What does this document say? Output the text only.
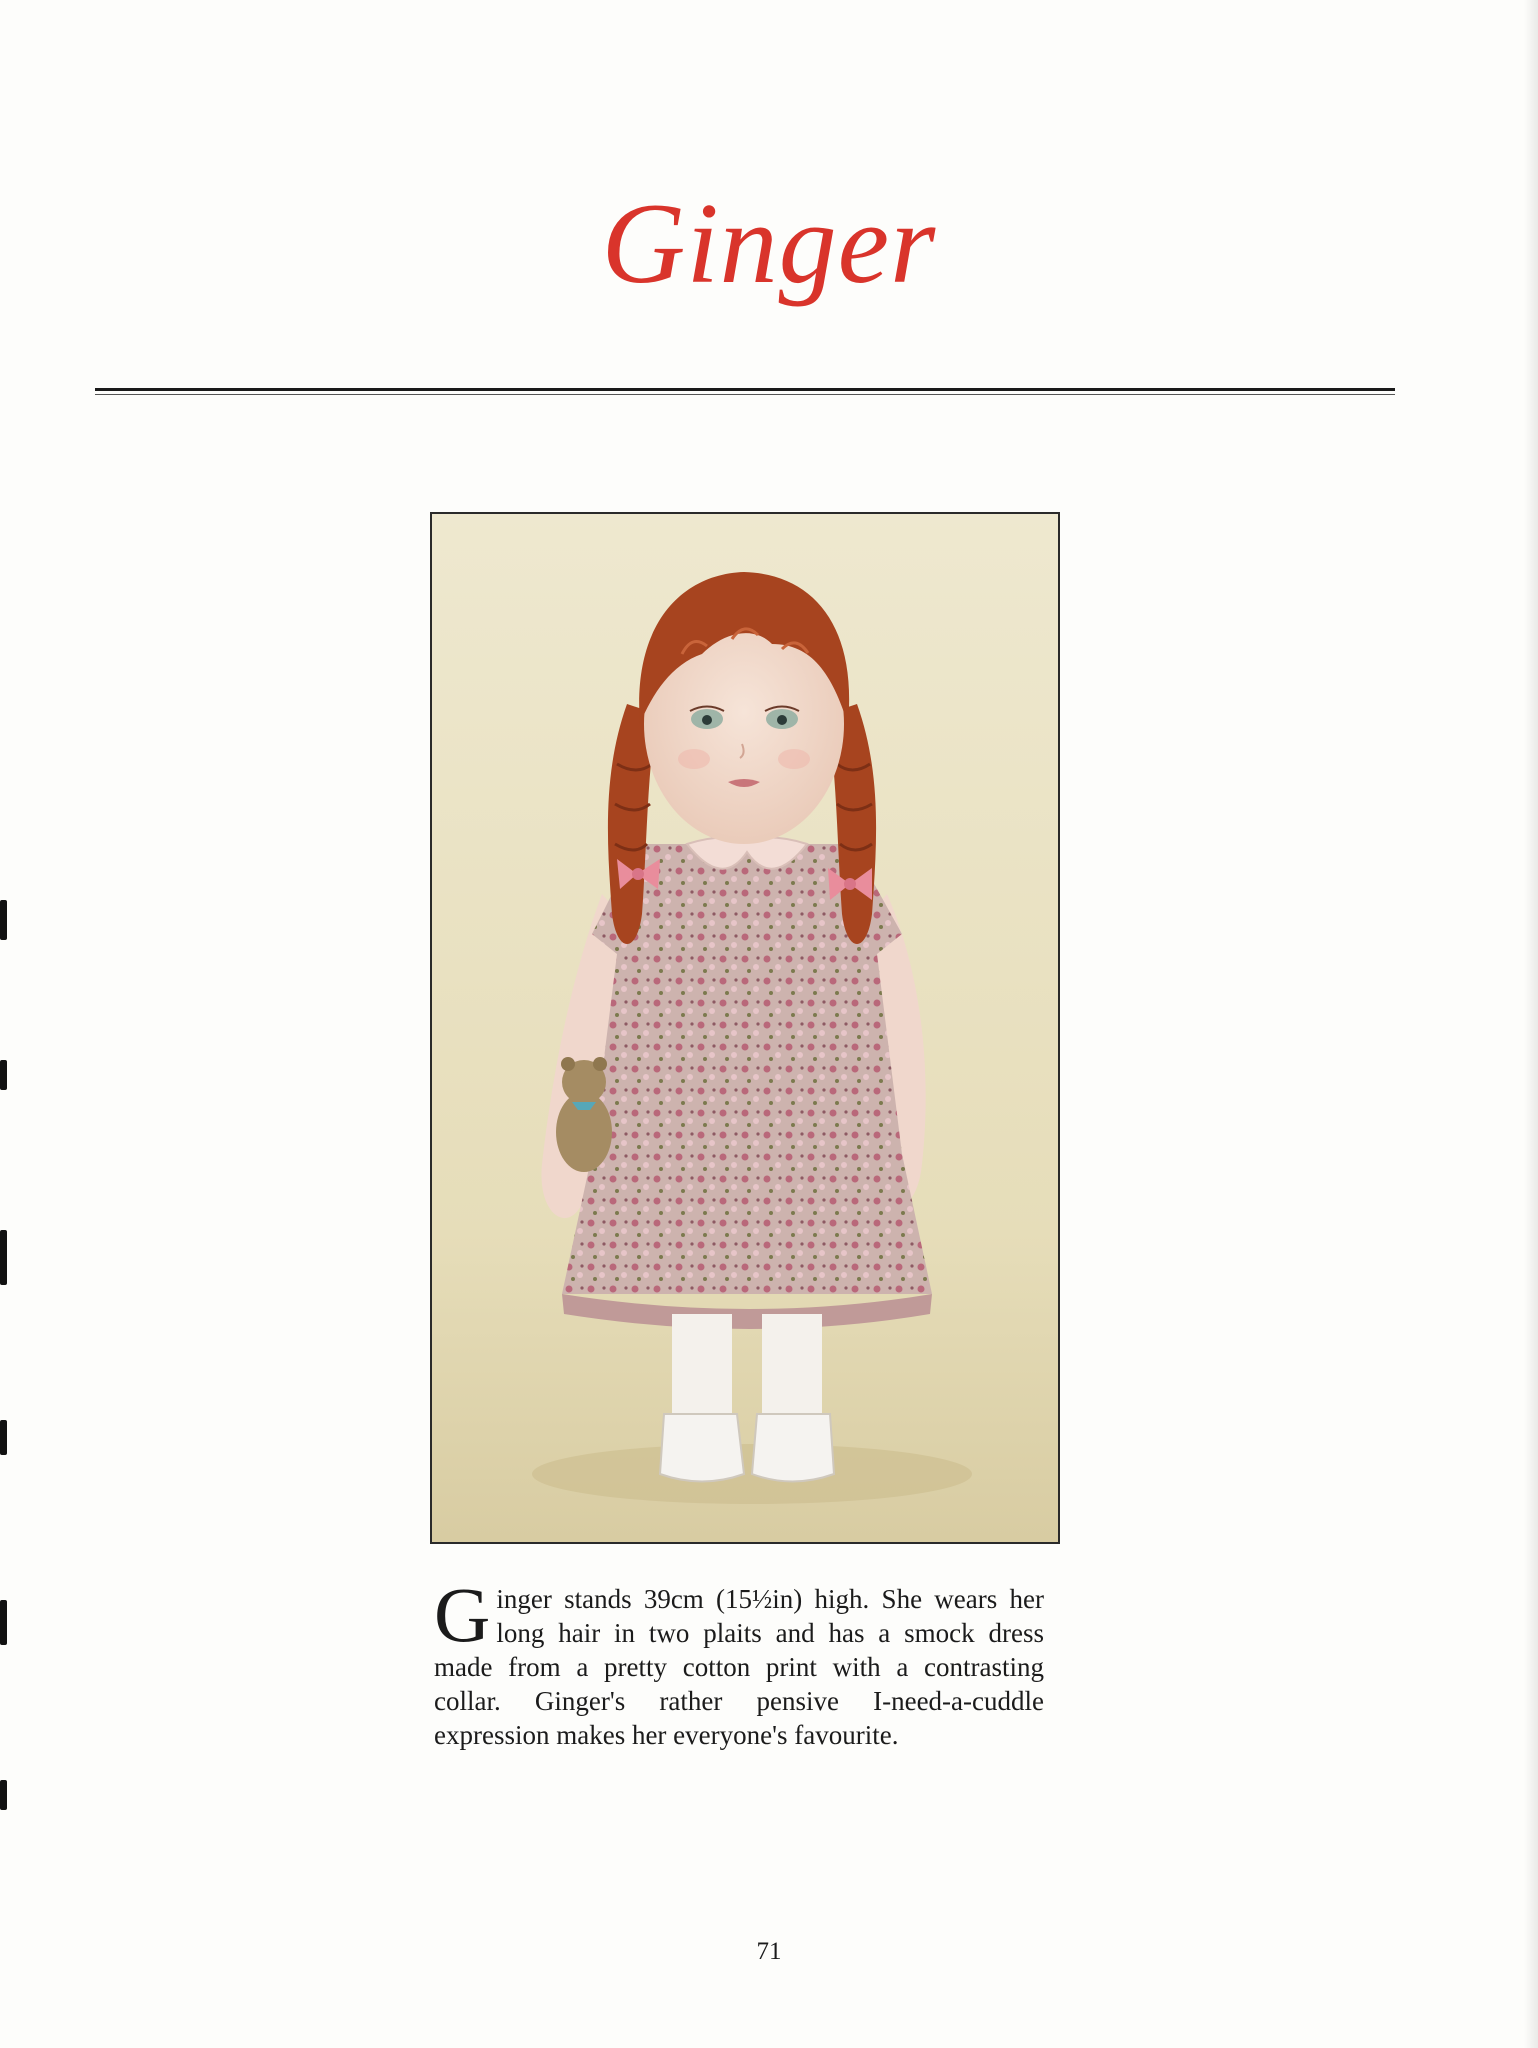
Ginger
Ginger stands 39cm (15½in) high. She wears her long hair in two plaits and has a smock dress made from a pretty cotton print with a contrasting collar. Ginger's rather pensive I-need-a-cuddle expression makes her everyone's favourite.
71
